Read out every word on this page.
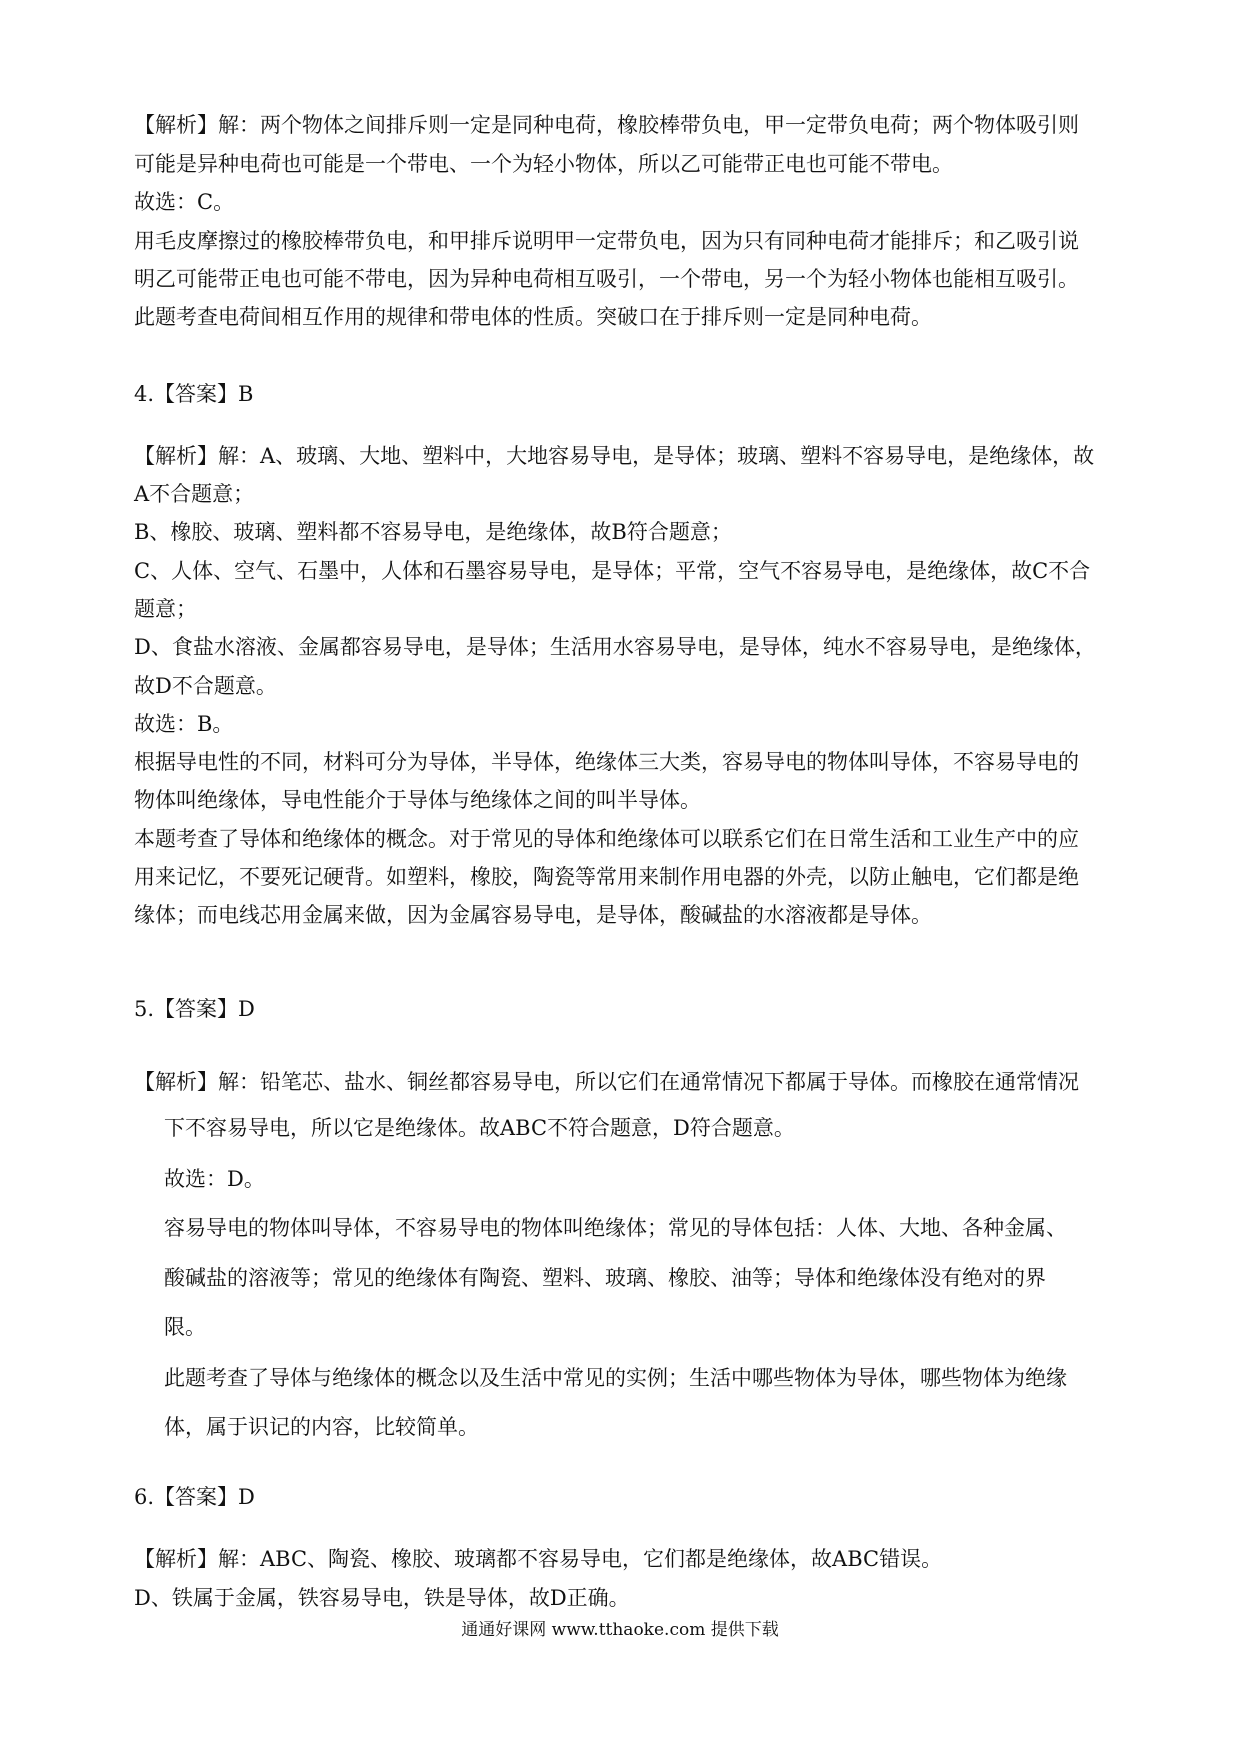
【解析】解：两个物体之间排斥则一定是同种电荷，橡胶棒带负电，甲一定带负电荷；两个物体吸引则
可能是异种电荷也可能是一个带电、一个为轻小物体，所以乙可能带正电也可能不带电。
故选：C。
用毛皮摩擦过的橡胶棒带负电，和甲排斥说明甲一定带负电，因为只有同种电荷才能排斥；和乙吸引说
明乙可能带正电也可能不带电，因为异种电荷相互吸引，一个带电，另一个为轻小物体也能相互吸引。
此题考查电荷间相互作用的规律和带电体的性质。突破口在于排斥则一定是同种电荷。
4.【答案】B
【解析】解：A、玻璃、大地、塑料中，大地容易导电，是导体；玻璃、塑料不容易导电，是绝缘体，故
A不合题意；
B、橡胶、玻璃、塑料都不容易导电，是绝缘体，故B符合题意；
C、人体、空气、石墨中，人体和石墨容易导电，是导体；平常，空气不容易导电，是绝缘体，故C不合
题意；
D、食盐水溶液、金属都容易导电，是导体；生活用水容易导电，是导体，纯水不容易导电，是绝缘体，
故D不合题意。
故选：B。
根据导电性的不同，材料可分为导体，半导体，绝缘体三大类，容易导电的物体叫导体，不容易导电的
物体叫绝缘体，导电性能介于导体与绝缘体之间的叫半导体。
本题考查了导体和绝缘体的概念。对于常见的导体和绝缘体可以联系它们在日常生活和工业生产中的应
用来记忆，不要死记硬背。如塑料，橡胶，陶瓷等常用来制作用电器的外壳，以防止触电，它们都是绝
缘体；而电线芯用金属来做，因为金属容易导电，是导体，酸碱盐的水溶液都是导体。
5.【答案】D
【解析】解：铅笔芯、盐水、铜丝都容易导电，所以它们在通常情况下都属于导体。而橡胶在通常情况
下不容易导电，所以它是绝缘体。故ABC不符合题意，D符合题意。
故选：D。
容易导电的物体叫导体，不容易导电的物体叫绝缘体；常见的导体包括：人体、大地、各种金属、
酸碱盐的溶液等；常见的绝缘体有陶瓷、塑料、玻璃、橡胶、油等；导体和绝缘体没有绝对的界
限。
此题考查了导体与绝缘体的概念以及生活中常见的实例；生活中哪些物体为导体，哪些物体为绝缘
体，属于识记的内容，比较简单。
6.【答案】D
【解析】解：ABC、陶瓷、橡胶、玻璃都不容易导电，它们都是绝缘体，故ABC错误。
D、铁属于金属，铁容易导电，铁是导体，故D正确。
通通好课网 www.tthaoke.com 提供下载
